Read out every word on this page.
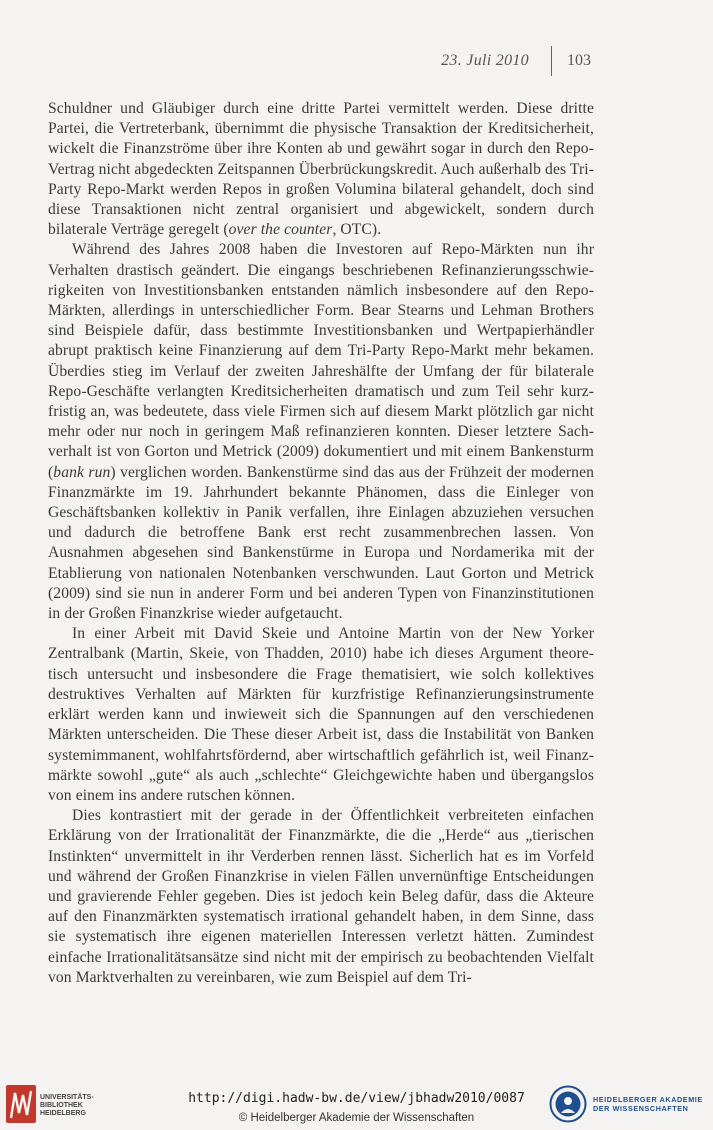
23. Juli 2010 103

Schuldner und Gläubiger durch eine dritte Partei vermittelt werden. Diese dritte Partei, die Vertreterbank, übernimmt die physische Transaktion der Kreditsicherheit, wickelt die Finanzströme über ihre Konten ab und gewährt sogar in durch den Repo-Vertrag nicht abgedeckten Zeitspannen Überbrückungskredit. Auch außerhalb des Tri-Party Repo-Markt werden Repos in großen Volumina bilateral gehandelt, doch sind diese Transaktionen nicht zentral organisiert und abgewickelt, sondern durch bilaterale Verträge geregelt (over the counter, OTC).

Während des Jahres 2008 haben die Investoren auf Repo-Märkten nun ihr Verhalten drastisch geändert. Die eingangs beschriebenen Refinanzierungsschwierigkeiten von Investitionsbanken entstanden nämlich insbesondere auf den Repo-Märkten, allerdings in unterschiedlicher Form. Bear Stearns und Lehman Brothers sind Beispiele dafür, dass bestimmte Investitionsbanken und Wertpapierhändler abrupt praktisch keine Finanzierung auf dem Tri-Party Repo-Markt mehr bekamen. Überdies stieg im Verlauf der zweiten Jahreshälfte der Umfang der für bilaterale Repo-Geschäfte verlangten Kreditsicherheiten dramatisch und zum Teil sehr kurzfristig an, was bedeutete, dass viele Firmen sich auf diesem Markt plötzlich gar nicht mehr oder nur noch in geringem Maß refinanzieren konnten. Dieser letztere Sachverhalt ist von Gorton und Metrick (2009) dokumentiert und mit einem Bankensturm (bank run) verglichen worden. Bankenstürme sind das aus der Frühzeit der modernen Finanzmärkte im 19. Jahrhundert bekannte Phänomen, dass die Einleger von Geschäftsbanken kollektiv in Panik verfallen, ihre Einlagen abzuziehen versuchen und dadurch die betroffene Bank erst recht zusammenbrechen lassen. Von Ausnahmen abgesehen sind Bankenstürme in Europa und Nordamerika mit der Etablierung von nationalen Notenbanken verschwunden. Laut Gorton und Metrick (2009) sind sie nun in anderer Form und bei anderen Typen von Finanzinstitutionen in der Großen Finanzkrise wieder aufgetaucht.

In einer Arbeit mit David Skeie und Antoine Martin von der New Yorker Zentralbank (Martin, Skeie, von Thadden, 2010) habe ich dieses Argument theoretisch untersucht und insbesondere die Frage thematisiert, wie solch kollektives destruktives Verhalten auf Märkten für kurzfristige Refinanzierungsinstrumente erklärt werden kann und inwieweit sich die Spannungen auf den verschiedenen Märkten unterscheiden. Die These dieser Arbeit ist, dass die Instabilität von Banken systemimmanent, wohlfahrtsfördernd, aber wirtschaftlich gefährlich ist, weil Finanzmärkte sowohl „gute“ als auch „schlechte“ Gleichgewichte haben und übergangslos von einem ins andere rutschen können.

Dies kontrastiert mit der gerade in der Öffentlichkeit verbreiteten einfachen Erklärung von der Irrationalität der Finanzmärkte, die die „Herde“ aus „tierischen Instinkten“ unvermittelt in ihr Verderben rennen lässt. Sicherlich hat es im Vorfeld und während der Großen Finanzkrise in vielen Fällen unvernünftige Entscheidungen und gravierende Fehler gegeben. Dies ist jedoch kein Beleg dafür, dass die Akteure auf den Finanzmärkten systematisch irrational gehandelt haben, in dem Sinne, dass sie systematisch ihre eigenen materiellen Interessen verletzt hätten. Zumindest einfache Irrationalitätsansätze sind nicht mit der empirisch zu beobachtenden Vielfalt von Marktverhalten zu vereinbaren, wie zum Beispiel auf dem Tri-

UNIVERSITÄTS-
BIBLIOTHEK
HEIDELBERG
http://digi.hadw-bw.de/view/jbhadw2010/0087
© Heidelberger Akademie der Wissenschaften
HEIDELBERGER AKADEMIE
DER WISSENSCHAFTEN
